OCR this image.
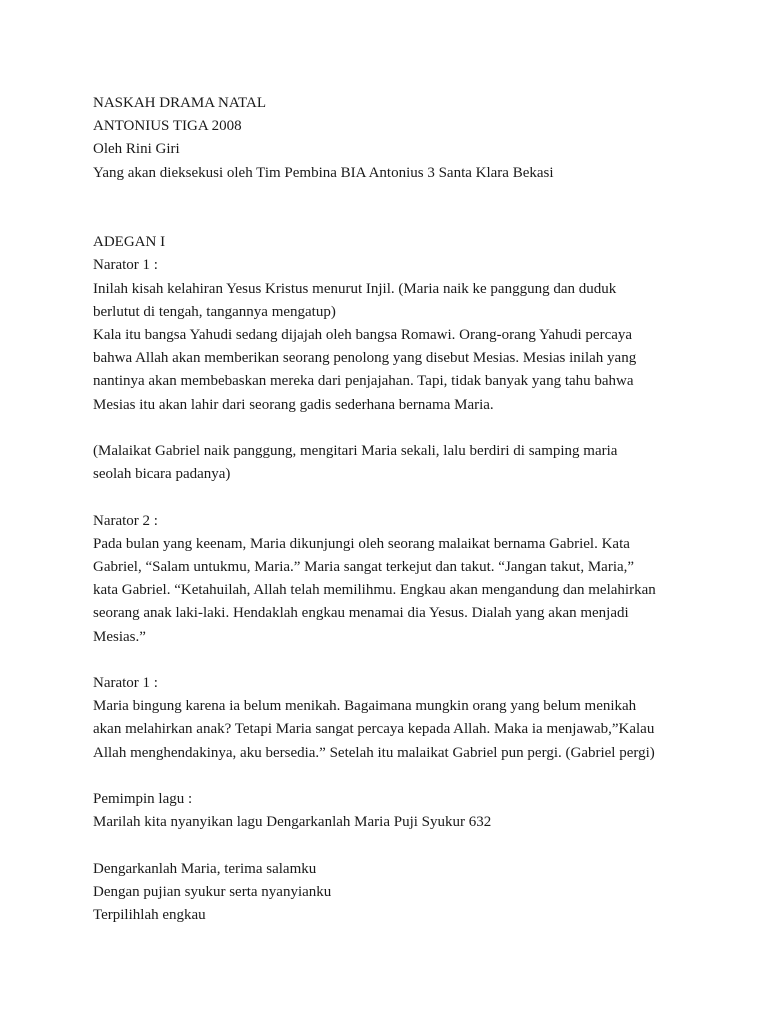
NASKAH DRAMA NATAL
ANTONIUS TIGA 2008
Oleh Rini Giri
Yang akan dieksekusi oleh Tim Pembina BIA Antonius 3 Santa Klara Bekasi
ADEGAN I
Narator 1 :
Inilah kisah kelahiran Yesus Kristus menurut Injil. (Maria naik ke panggung dan duduk
berlutut di tengah, tangannya mengatup)
Kala itu bangsa Yahudi sedang dijajah oleh bangsa Romawi. Orang-orang Yahudi percaya
bahwa Allah akan memberikan seorang penolong yang disebut Mesias. Mesias inilah yang
nantinya akan membebaskan mereka dari penjajahan. Tapi, tidak banyak yang tahu bahwa
Mesias itu akan lahir dari seorang gadis sederhana bernama Maria.
(Malaikat Gabriel naik panggung, mengitari Maria sekali, lalu berdiri di samping maria
seolah bicara padanya)
Narator 2 :
Pada bulan yang keenam, Maria dikunjungi oleh seorang malaikat bernama Gabriel. Kata
Gabriel, “Salam untukmu, Maria.” Maria sangat terkejut dan takut. “Jangan takut, Maria,”
kata Gabriel. “Ketahuilah, Allah telah memilihmu. Engkau akan mengandung dan melahirkan
seorang anak laki-laki. Hendaklah engkau menamai dia Yesus. Dialah yang akan menjadi
Mesias.”
Narator 1 :
Maria bingung karena ia belum menikah. Bagaimana mungkin orang yang belum menikah
akan melahirkan anak? Tetapi Maria sangat percaya kepada Allah. Maka ia menjawab,”Kalau
Allah menghendakinya, aku bersedia.” Setelah itu malaikat Gabriel pun pergi. (Gabriel pergi)
Pemimpin lagu :
Marilah kita nyanyikan lagu Dengarkanlah Maria Puji Syukur 632
Dengarkanlah Maria, terima salamku
Dengan pujian syukur serta nyanyianku
Terpilihlah engkau
